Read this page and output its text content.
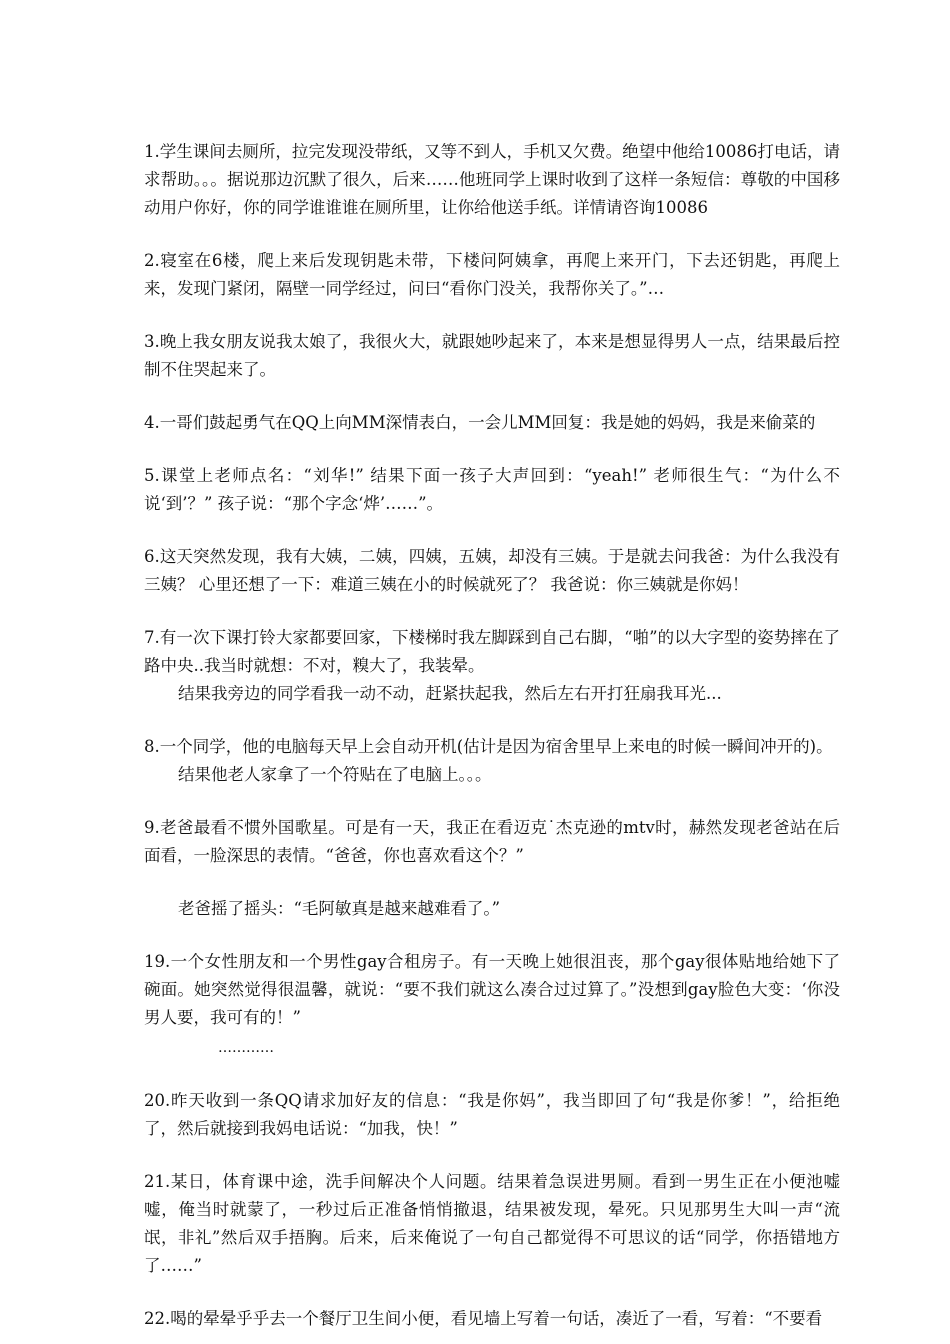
1.学生课间去厕所，拉完发现没带纸，又等不到人，手机又欠费。绝望中他给10086打电话，请求帮助。。。据说那边沉默了很久，后来……他班同学上课时收到了这样一条短信：尊敬的中国移动用户你好，你的同学谁谁谁在厕所里，让你给他送手纸。详情请咨询10086

2.寝室在6楼，爬上来后发现钥匙未带，下楼问阿姨拿，再爬上来开门，下去还钥匙，再爬上来，发现门紧闭，隔壁一同学经过，问曰“看你门没关，我帮你关了。”…

3.晚上我女朋友说我太娘了，我很火大，就跟她吵起来了，本来是想显得男人一点，结果最后控制不住哭起来了。

4.一哥们鼓起勇气在QQ上向MM深情表白，一会儿MM回复：我是她的妈妈，我是来偷菜的

5.课堂上老师点名：“刘华!” 结果下面一孩子大声回到：“yeah!” 老师很生气：“为什么不说‘到’？” 孩子说：“那个字念‘烨’……”。

6.这天突然发现，我有大姨，二姨，四姨，五姨，却没有三姨。于是就去问我爸：为什么我没有三姨？ 心里还想了一下：难道三姨在小的时候就死了？ 我爸说：你三姨就是你妈！

7.有一次下课打铃大家都要回家，下楼梯时我左脚踩到自己右脚，“啪”的以大字型的姿势摔在了路中央..我当时就想：不对，糗大了，我装晕。

结果我旁边的同学看我一动不动，赶紧扶起我，然后左右开打狂扇我耳光...

8.一个同学，他的电脑每天早上会自动开机(估计是因为宿舍里早上来电的时候一瞬间冲开的)。

结果他老人家拿了一个符贴在了电脑上。。。

9.老爸最看不惯外国歌星。可是有一天，我正在看迈克˙杰克逊的mtv时，赫然发现老爸站在后面看，一脸深思的表情。“爸爸，你也喜欢看这个？”

老爸摇了摇头：“毛阿敏真是越来越难看了。”

19.一个女性朋友和一个男性gay合租房子。有一天晚上她很沮丧，那个gay很体贴地给她下了碗面。她突然觉得很温馨，就说：“要不我们就这么凑合过过算了。”没想到gay脸色大变：‘你没男人要，我可有的！”

…………

20.昨天收到一条QQ请求加好友的信息：“我是你妈”，我当即回了句“我是你爹！”，给拒绝了，然后就接到我妈电话说：“加我，快！”

21.某日，体育课中途，洗手间解决个人问题。结果着急误进男厕。看到一男生正在小便池嘘嘘，俺当时就蒙了，一秒过后正准备悄悄撤退，结果被发现，晕死。只见那男生大叫一声“流氓，非礼”然后双手捂胸。后来，后来俺说了一句自己都觉得不可思议的话“同学，你捂错地方了……”

22.喝的晕晕乎乎去一个餐厅卫生间小便，看见墙上写着一句话，凑近了一看，写着：“不要看
